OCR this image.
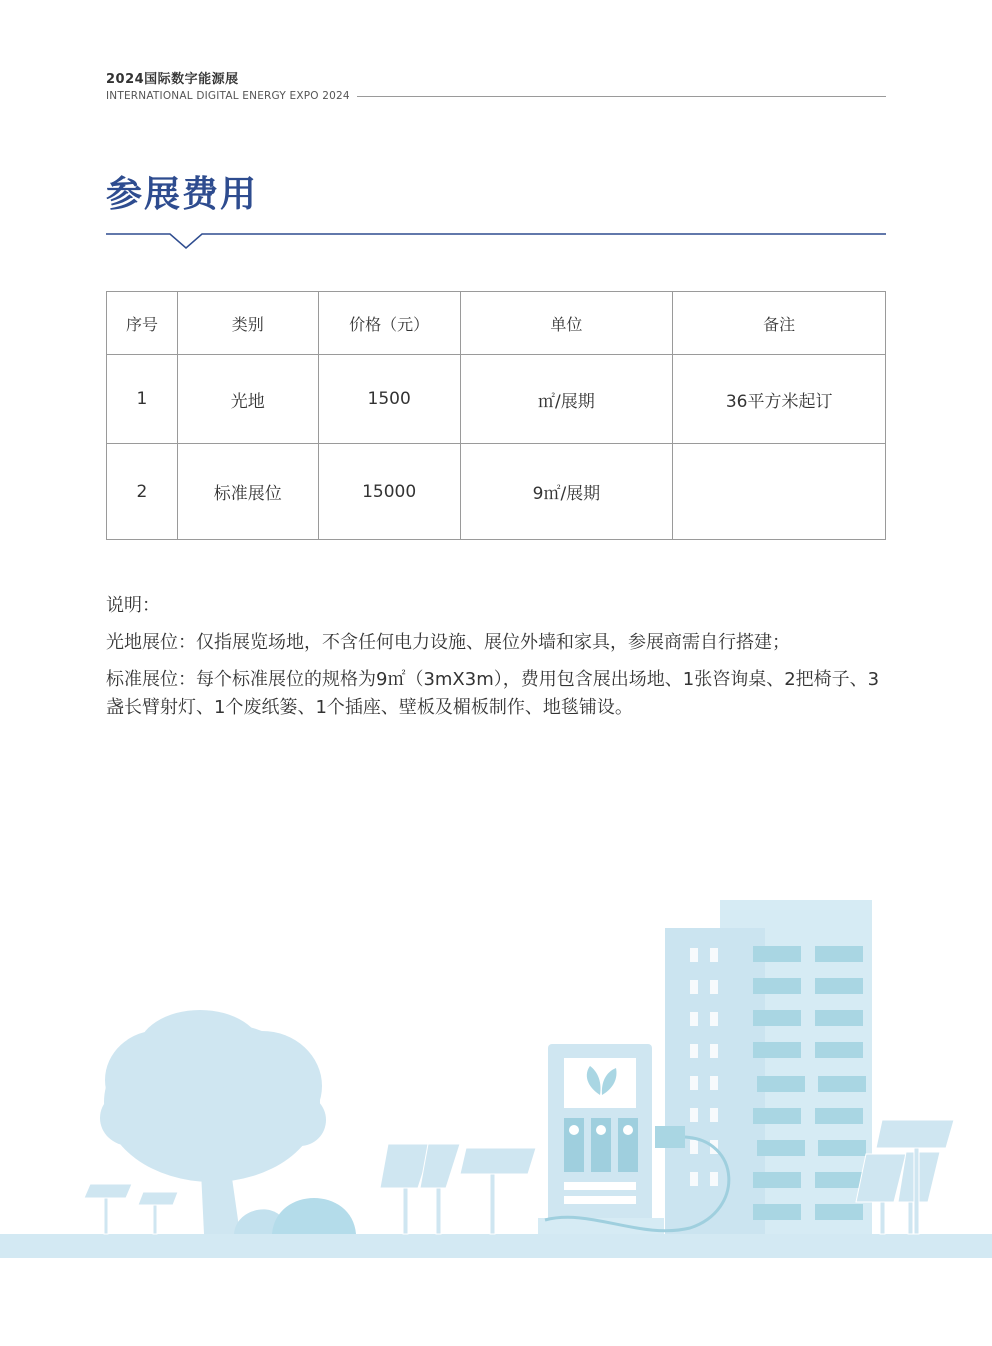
2024国际数字能源展
INTERNATIONAL DIGITAL ENERGY EXPO 2024
参展费用
序号	类别	价格（元）	单位	备注
1	光地	1500	㎡/展期	36平方米起订
2	标准展位	15000	9㎡/展期	

说明：

光地展位：仅指展览场地，不含任何电力设施、展位外墙和家具，参展商需自行搭建；

标准展位：每个标准展位的规格为9㎡（3mX3m），费用包含展出场地、1张咨询桌、2把椅子、3盏长臂射灯、1个废纸篓、1个插座、壁板及楣板制作、地毯铺设。
